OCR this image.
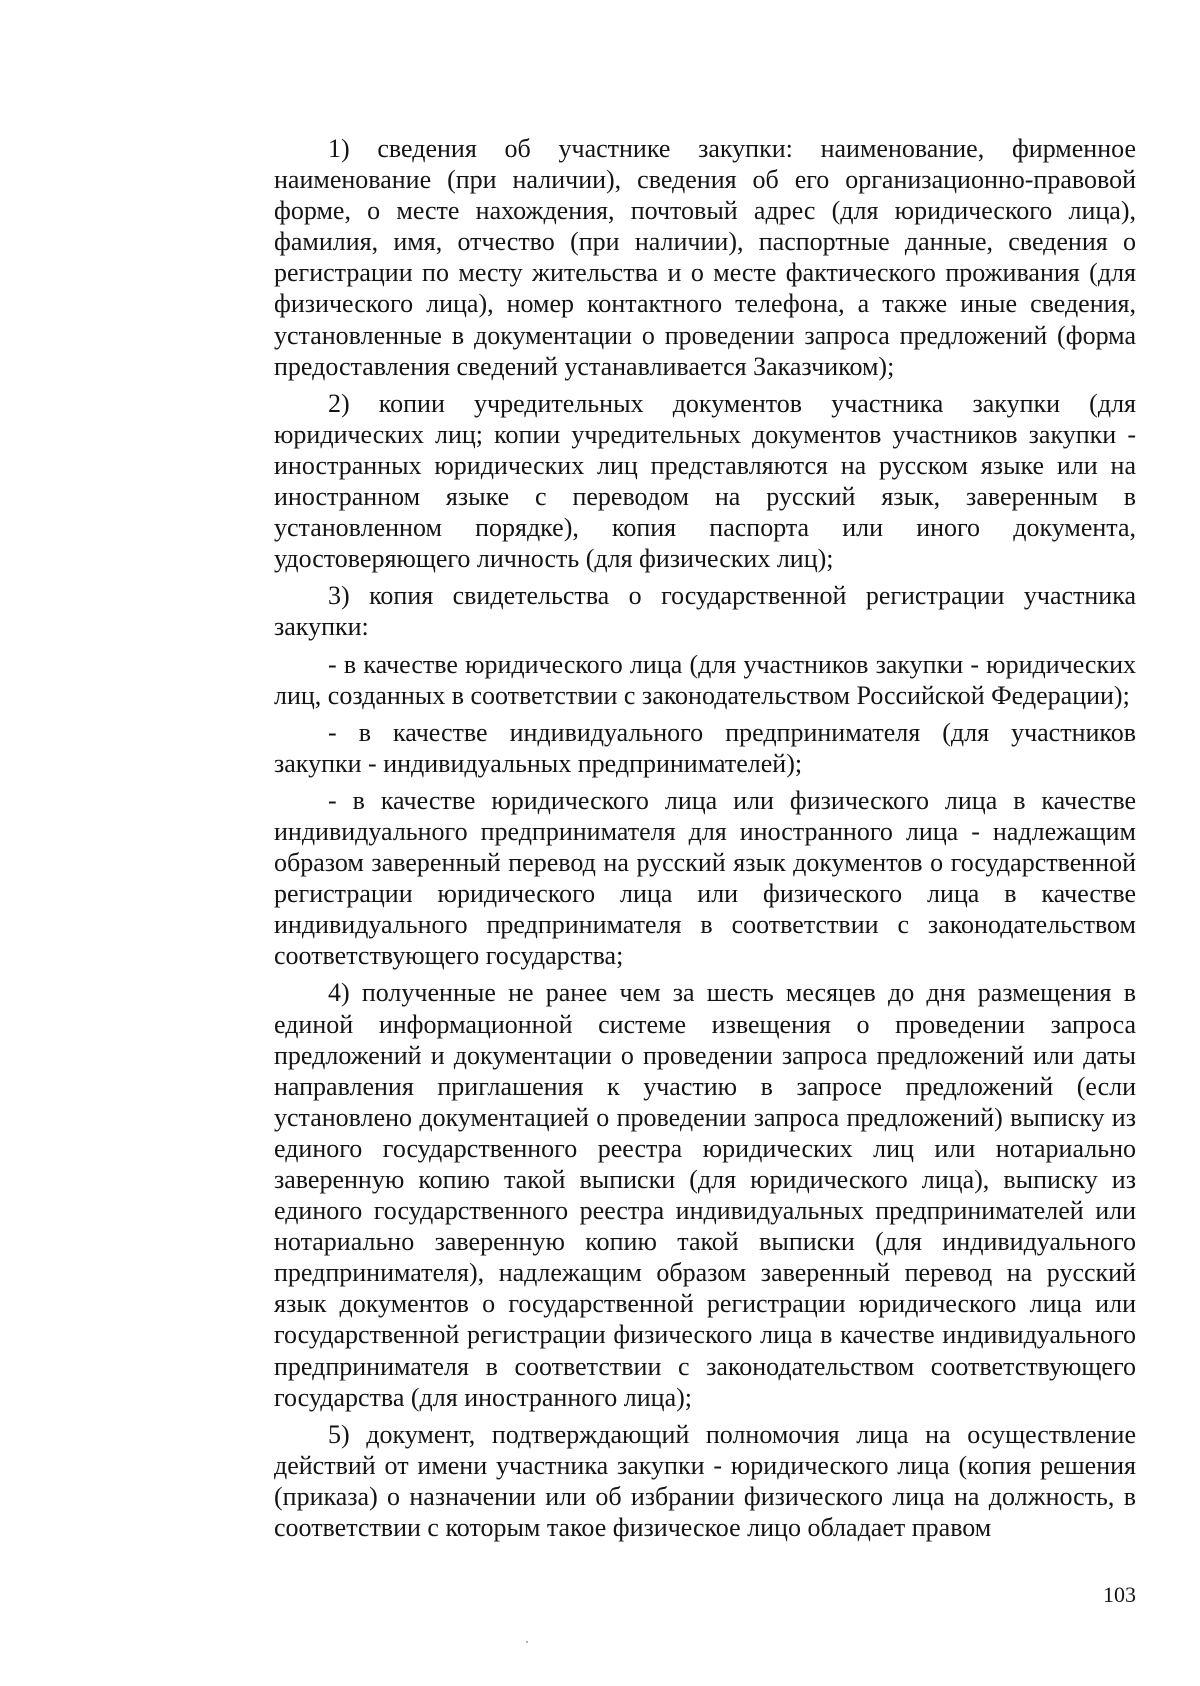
1) сведения об участнике закупки: наименование, фирменное наименование (при наличии), сведения об его организационно-правовой форме, о месте нахождения, почтовый адрес (для юридического лица), фамилия, имя, отчество (при наличии), паспортные данные, сведения о регистрации по месту жительства и о месте фактического проживания (для физического лица), номер контактного телефона, а также иные сведения, установленные в документации о проведении запроса предложений (форма предоставления сведений устанавливается Заказчиком);

2) копии учредительных документов участника закупки (для юридических лиц; копии учредительных документов участников закупки - иностранных юридических лиц представляются на русском языке или на иностранном языке с переводом на русский язык, заверенным в установленном порядке), копия паспорта или иного документа, удостоверяющего личность (для физических лиц);

3) копия свидетельства о государственной регистрации участника закупки:

- в качестве юридического лица (для участников закупки - юридических лиц, созданных в соответствии с законодательством Российской Федерации);

- в качестве индивидуального предпринимателя (для участников закупки - индивидуальных предпринимателей);

- в качестве юридического лица или физического лица в качестве индивидуального предпринимателя для иностранного лица - надлежащим образом заверенный перевод на русский язык документов о государственной регистрации юридического лица или физического лица в качестве индивидуального предпринимателя в соответствии с законодательством соответствующего государства;

4) полученные не ранее чем за шесть месяцев до дня размещения в единой информационной системе извещения о проведении запроса предложений и документации о проведении запроса предложений или даты направления приглашения к участию в запросе предложений (если установлено документацией о проведении запроса предложений) выписку из единого государственного реестра юридических лиц или нотариально заверенную копию такой выписки (для юридического лица), выписку из единого государственного реестра индивидуальных предпринимателей или нотариально заверенную копию такой выписки (для индивидуального предпринимателя), надлежащим образом заверенный перевод на русский язык документов о государственной регистрации юридического лица или государственной регистрации физического лица в качестве индивидуального предпринимателя в соответствии с законодательством соответствующего государства (для иностранного лица);

5) документ, подтверждающий полномочия лица на осуществление действий от имени участника закупки - юридического лица (копия решения (приказа) о назначении или об избрании физического лица на должность, в соответствии с которым такое физическое лицо обладает правом

103
